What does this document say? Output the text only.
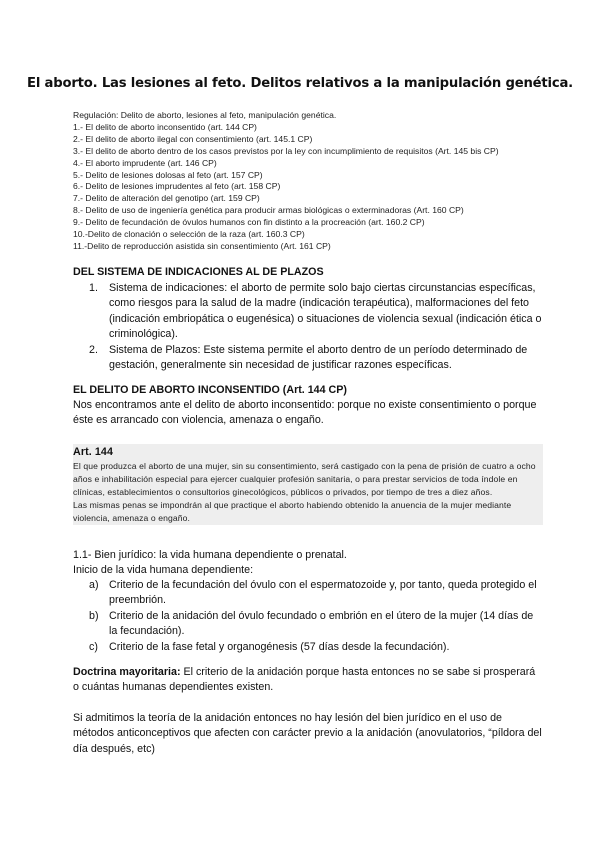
El aborto. Las lesiones al feto. Delitos relativos a la manipulación genética.
Regulación: Delito de aborto, lesiones al feto, manipulación genética.
1.- El delito de aborto inconsentido (art. 144 CP)
2.- El delito de aborto ilegal con consentimiento (art. 145.1 CP)
3.- El delito de aborto dentro de los casos previstos por la ley con incumplimiento de requisitos (Art. 145 bis CP)
4.- El aborto imprudente (art. 146 CP)
5.- Delito de lesiones dolosas al feto (art. 157 CP)
6.- Delito de lesiones imprudentes al feto (art. 158 CP)
7.- Delito de alteración del genotipo (art. 159 CP)
8.- Delito de uso de ingeniería genética para producir armas biológicas o exterminadoras (Art. 160 CP)
9.- Delito de fecundación de óvulos humanos con fin distinto a la procreación (art. 160.2 CP)
10.-Delito de clonación o selección de la raza (art. 160.3 CP)
11.-Delito de reproducción asistida sin consentimiento (Art. 161 CP)
DEL SISTEMA DE INDICACIONES AL DE PLAZOS
1. Sistema de indicaciones: el aborto de permite solo bajo ciertas circunstancias específicas, como riesgos para la salud de la madre (indicación terapéutica), malformaciones del feto (indicación embriopática o eugenésica) o situaciones de violencia sexual (indicación ética o criminológica).
2. Sistema de Plazos: Este sistema permite el aborto dentro de un período determinado de gestación, generalmente sin necesidad de justificar razones específicas.
EL DELITO DE ABORTO INCONSENTIDO (Art. 144 CP)
Nos encontramos ante el delito de aborto inconsentido: porque no existe consentimiento o porque éste es arrancado con violencia, amenaza o engaño.
Art. 144
El que produzca el aborto de una mujer, sin su consentimiento, será castigado con la pena de prisión de cuatro a ocho años e inhabilitación especial para ejercer cualquier profesión sanitaria, o para prestar servicios de toda índole en clínicas, establecimientos o consultorios ginecológicos, públicos o privados, por tiempo de tres a diez años.
Las mismas penas se impondrán al que practique el aborto habiendo obtenido la anuencia de la mujer mediante violencia, amenaza o engaño.
1.1- Bien jurídico: la vida humana dependiente o prenatal.
Inicio de la vida humana dependiente:
a) Criterio de la fecundación del óvulo con el espermatozoide y, por tanto, queda protegido el preembrión.
b) Criterio de la anidación del óvulo fecundado o embrión en el útero de la mujer (14 días de la fecundación).
c) Criterio de la fase fetal y organogénesis (57 días desde la fecundación).
Doctrina mayoritaria: El criterio de la anidación porque hasta entonces no se sabe si prosperará o cuántas humanas dependientes existen.
Si admitimos la teoría de la anidación entonces no hay lesión del bien jurídico en el uso de métodos anticonceptivos que afecten con carácter previo a la anidación (anovulatorios, “píldora del día después, etc)
